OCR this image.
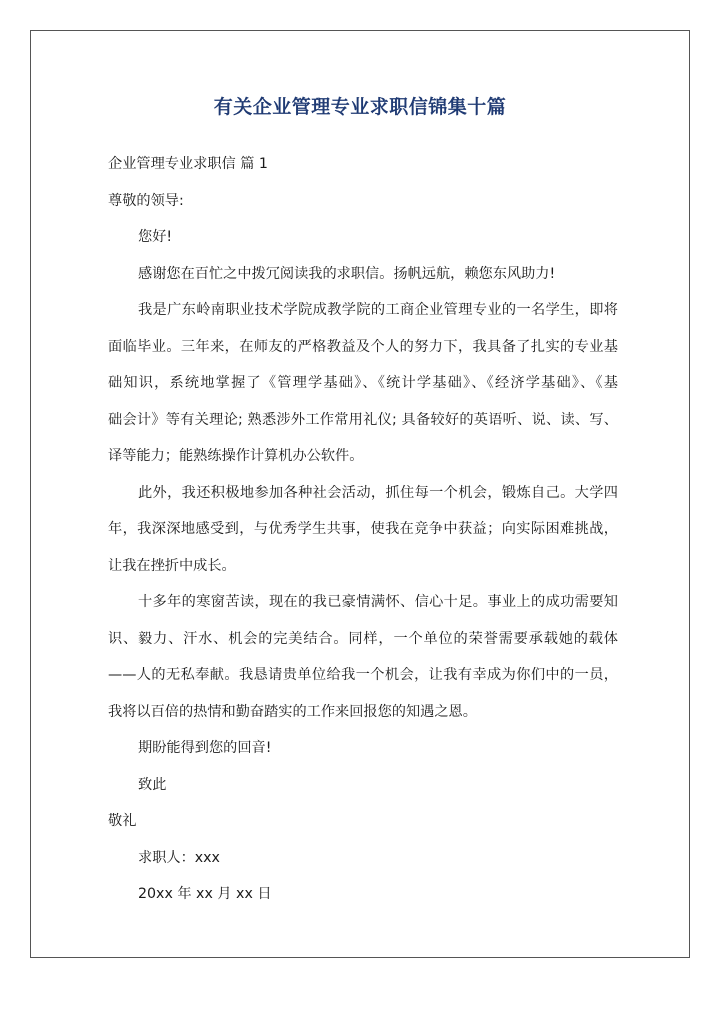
有关企业管理专业求职信锦集十篇
企业管理专业求职信 篇 1
尊敬的领导:
您好!
感谢您在百忙之中拨冗阅读我的求职信。扬帆远航，赖您东风助力!
我是广东岭南职业技术学院成教学院的工商企业管理专业的一名学生，即将
面临毕业。三年来，在师友的严格教益及个人的努力下，我具备了扎实的专业基
础知识，系统地掌握了《管理学基础》、《统计学基础》、《经济学基础》、《基
础会计》等有关理论; 熟悉涉外工作常用礼仪; 具备较好的英语听、说、读、写、
译等能力；能熟练操作计算机办公软件。
此外，我还积极地参加各种社会活动，抓住每一个机会，锻炼自己。大学四
年，我深深地感受到，与优秀学生共事，使我在竞争中获益；向实际困难挑战，
让我在挫折中成长。
十多年的寒窗苦读，现在的我已豪情满怀、信心十足。事业上的成功需要知
识、毅力、汗水、机会的完美结合。同样，一个单位的荣誉需要承载她的载体
——人的无私奉献。我恳请贵单位给我一个机会，让我有幸成为你们中的一员，
我将以百倍的热情和勤奋踏实的工作来回报您的知遇之恩。
期盼能得到您的回音!
致此
敬礼
求职人：xxx
20xx 年 xx 月 xx 日
